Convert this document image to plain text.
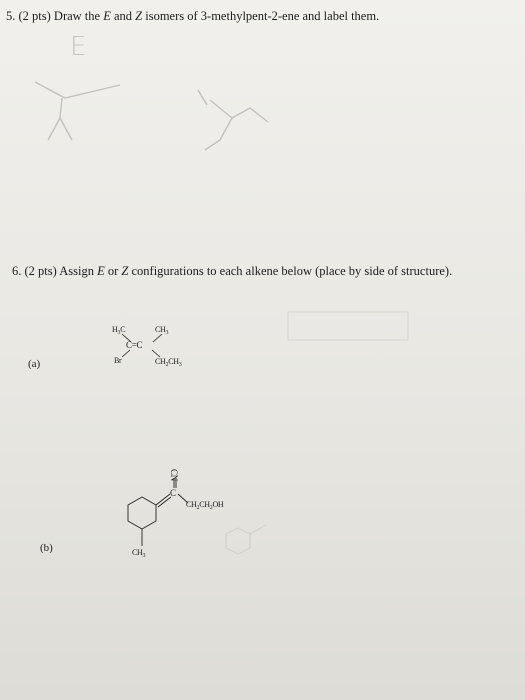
5. (2 pts) Draw the E and Z isomers of 3-methylpent-2-ene and label them.
E

6. (2 pts) Assign E or Z configurations to each alkene below (place by side of structure).
(a)
$H_3C$	$CH_3$
C=C
Br	$CH_2CH_3$
(b)
CN
C
$CH_2CH_2OH$
$CH_3$
